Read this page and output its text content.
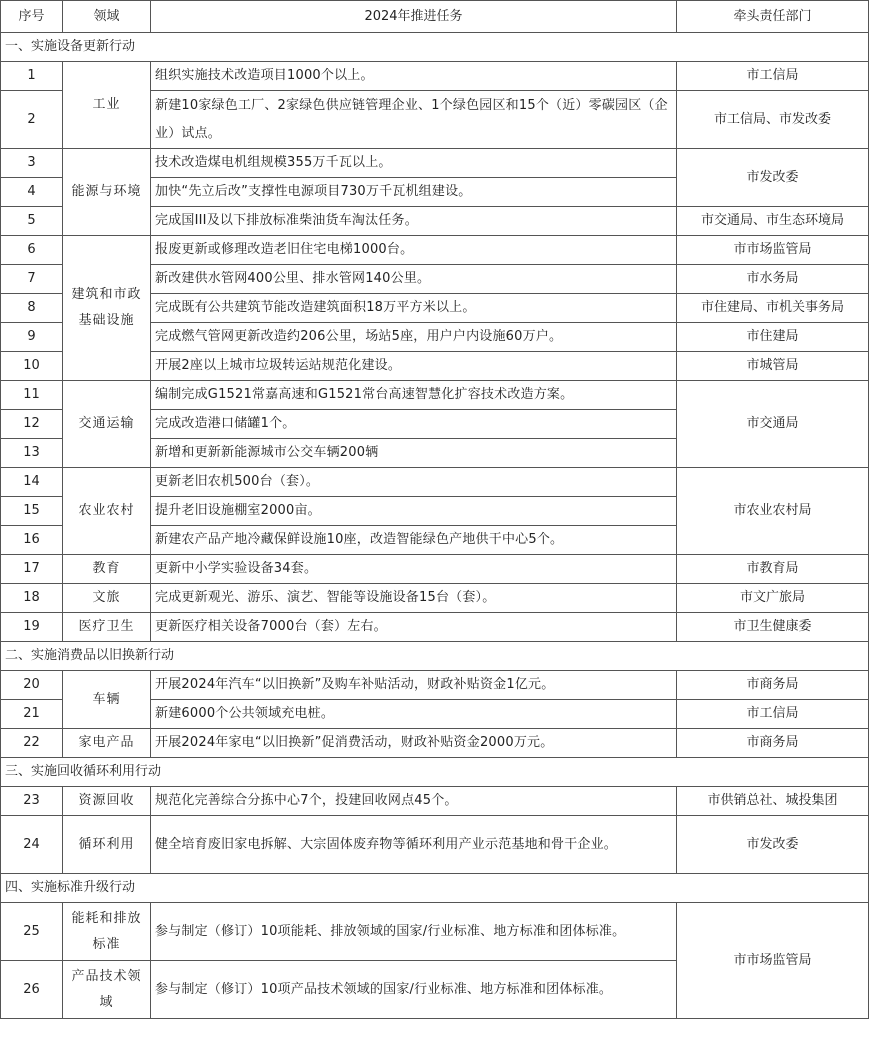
序号	领域	2024年推进任务	牵头责任部门
一、实施设备更新行动			
1	工业	组织实施技术改造项目1000个以上。	市工信局
2		新建10家绿色工厂、2家绿色供应链管理企业、1个绿色园区和15个（近）零碳园区（企业）试点。	市工信局、市发改委
3	能源与环境	技术改造煤电机组规模355万千瓦以上。	市发改委
4		加快“先立后改”支撑性电源项目730万千瓦机组建设。	
5		完成国III及以下排放标准柴油货车淘汰任务。	市交通局、市生态环境局
6	建筑和市政基础设施	报废更新或修理改造老旧住宅电梯1000台。	市市场监管局
7		新改建供水管网400公里、排水管网140公里。	市水务局
8		完成既有公共建筑节能改造建筑面积18万平方米以上。	市住建局、市机关事务局
9		完成燃气管网更新改造约206公里，场站5座，用户户内设施60万户。	市住建局
10		开展2座以上城市垃圾转运站规范化建设。	市城管局
11	交通运输	编制完成G1521常嘉高速和G1521常台高速智慧化扩容技术改造方案。	市交通局
12		完成改造港口储罐1个。	
13		新增和更新新能源城市公交车辆200辆	
14	农业农村	更新老旧农机500台（套）。	市农业农村局
15		提升老旧设施棚室2000亩。	
16		新建农产品产地冷藏保鲜设施10座，改造智能绿色产地供干中心5个。	
17	教育	更新中小学实验设备34套。	市教育局
18	文旅	完成更新观光、游乐、演艺、智能等设施设备15台（套）。	市文广旅局
19	医疗卫生	更新医疗相关设备7000台（套）左右。	市卫生健康委
二、实施消费品以旧换新行动			
20	车辆	开展2024年汽车“以旧换新”及购车补贴活动，财政补贴资金1亿元。	市商务局
21		新建6000个公共领域充电桩。	市工信局
22	家电产品	开展2024年家电“以旧换新”促消费活动，财政补贴资金2000万元。	市商务局
三、实施回收循环利用行动			
23	资源回收	规范化完善综合分拣中心7个，投建回收网点45个。	市供销总社、城投集团
24	循环利用	健全培育废旧家电拆解、大宗固体废弃物等循环利用产业示范基地和骨干企业。	市发改委
四、实施标准升级行动			
25	能耗和排放标准	参与制定（修订）10项能耗、排放领域的国家/行业标准、地方标准和团体标准。	市市场监管局
26	产品技术领域	参与制定（修订）10项产品技术领域的国家/行业标准、地方标准和团体标准。	
